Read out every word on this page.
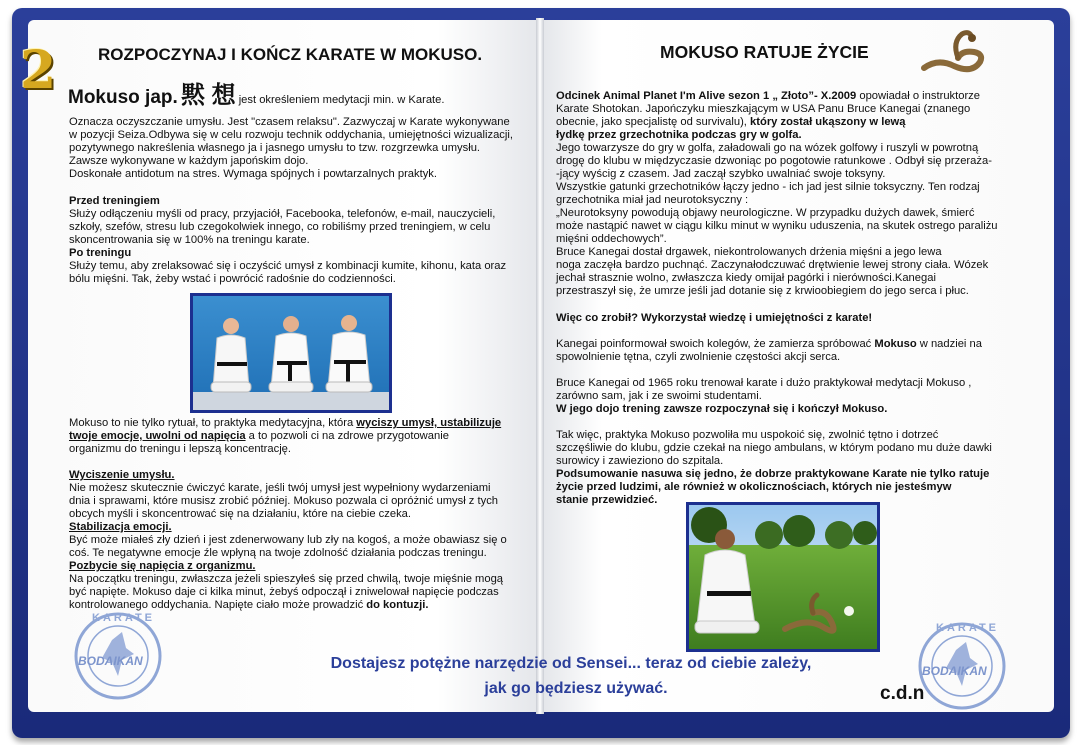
2 ROZPOCZYNAJ I KOŃCZ KARATE W MOKUSO.
Mokuso jap. 黙 想 jest określeniem medytacji min. w Karate.
Oznacza oczyszczanie umysłu. Jest "czasem relaksu". Zazwyczaj w Karate wykonywane
w pozycji Seiza.Odbywa się w celu rozwoju technik oddychania, umiejętności wizualizacji,
pozytywnego nakreślenia własnego ja i jasnego umysłu to tzw. rozgrzewka umysłu.
Zawsze wykonywane w każdym japońskim dojo.
Doskonałe antidotum na stres. Wymaga spójnych i powtarzalnych praktyk.
Przed treningiem
Służy odłączeniu myśli od pracy, przyjaciół, Facebooka, telefonów, e-mail, nauczycieli,
szkoły, szefów, stresu lub czegokolwiek innego, co robiliśmy przed treningiem, w celu
skoncentrowania się w 100% na treningu karate.
Po treningu
Służy temu, aby zrelaksować się i oczyścić umysł z kombinacji kumite, kihonu, kata oraz
bólu mięśni. Tak, żeby wstać i powrócić radośnie do codzienności.
Mokuso to nie tylko rytuał, to praktyka medytacyjna, która wyciszy umysł, ustabilizuje
twoje emocje, uwolni od napięcia a to pozwoli ci na zdrowe przygotowanie
organizmu do treningu i lepszą koncentrację.
Wyciszenie umysłu.
Nie możesz skutecznie ćwiczyć karate, jeśli twój umysł jest wypełniony wydarzeniami
dnia i sprawami, które musisz zrobić później. Mokuso pozwala ci opróżnić umysł z tych
obcych myśli i skoncentrować się na działaniu, które na ciebie czeka.
Stabilizacja emocji.
Być może miałeś zły dzień i jest zdenerwowany lub zły na kogoś, a może obawiasz się o
coś. Te negatywne emocje źle wpłyną na twoje zdolność działania podczas treningu.
Pozbycie się napięcia z organizmu.
Na początku treningu, zwłaszcza jeżeli spieszyłeś się przed chwilą, twoje mięśnie mogą
być napięte. Mokuso daje ci kilka minut, żebyś odpoczął i zniwelował napięcie podczas
kontrolowanego oddychania. Napięte ciało może prowadzić do kontuzji.
KARATE
BODAIKAN
MOKUSO RATUJE ŻYCIE
Odcinek Animal Planet I'm Alive sezon 1 „ Złoto”- X.2009 opowiadał o instruktorze
Karate Shotokan. Japończyku mieszkającym w USA Panu Bruce Kanegai (znanego
obecnie, jako specjalistę od survivalu), który został ukąszony w lewą
łydkę przez grzechotnika podczas gry w golfa.
Jego towarzysze do gry w golfa, załadowali go na wózek golfowy i ruszyli w powrotną
drogę do klubu w międzyczasie dzwoniąc po pogotowie ratunkowe . Odbył się przeraża-
-jący wyścig z czasem. Jad zaczął szybko uwalniać swoje toksyny.
Wszystkie gatunki grzechotników łączy jedno - ich jad jest silnie toksyczny. Ten rodzaj
grzechotnika miał jad neurotoksyczny :
„Neurotoksyny powodują objawy neurologiczne. W przypadku dużych dawek, śmierć
może nastąpić nawet w ciągu kilku minut w wyniku uduszenia, na skutek ostrego paraliżu
mięśni oddechowych”.
Bruce Kanegai dostał drgawek, niekontrolowanych drżenia mięśni a jego lewa
noga zaczęła bardzo puchnąć. Zaczynałodczuwać drętwienie lewej strony ciała. Wózek
jechał strasznie wolno, zwłaszcza kiedy omijał pagórki i nierówności.Kanegai
przestraszył się, że umrze jeśli jad dotanie się z krwioobiegiem do jego serca i płuc.
Więc co zrobił? Wykorzystał wiedzę i umiejętności z karate!
Kanegai poinformował swoich kolegów, że zamierza spróbować Mokuso w nadziei na
spowolnienie tętna, czyli zwolnienie częstości akcji serca.
Bruce Kanegai od 1965 roku trenował karate i dużo praktykował medytacji Mokuso ,
zarówno sam, jak i ze swoimi studentami.
W jego dojo trening zawsze rozpoczynał się i kończył Mokuso.
Tak więc, praktyka Mokuso pozwoliła mu uspokoić się, zwolnić tętno i dotrzeć
szczęśliwie do klubu, gdzie czekał na niego ambulans, w którym podano mu duże dawki
surowicy i zawieziono do szpitala.
Podsumowanie nasuwa się jedno, że dobrze praktykowane Karate nie tylko ratuje
życie przed ludzimi, ale również w okolicznościach, których nie jesteśmyw
stanie przewidzieć.
KARATE
BODAIKAN
Dostajesz potężne narzędzie od Sensei... teraz od ciebie zależy,
jak go będziesz używać.	c.d.n
